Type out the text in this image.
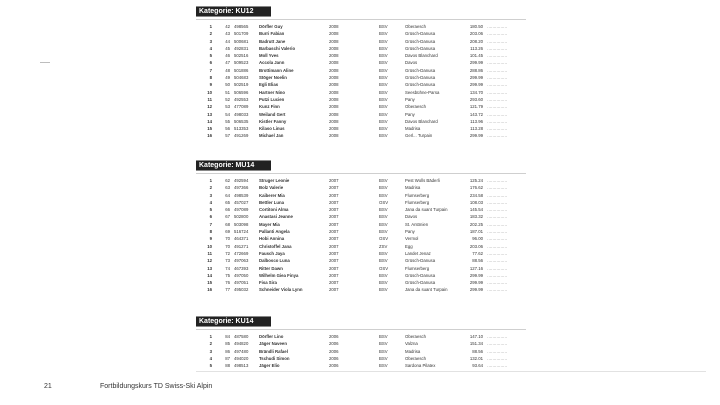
Kategorie: KU12
1	42 498565	Dörfler Guy	2008	BSV	Oberaesch	180.50 ……………
2	43 501709	Burri Fabian	2008	BSV	Grüsch-Danusa	203.06 ……………
3	44 500681	Badrutt Jane	2008	BSV	Grüsch-Danusa	208.20 ……………
4	45 492831	Barbaschi Valerio	2008	BSV	Grüsch-Danusa	113.26 ……………
5	46 502516	Moll Yves	2008	BSV	Davos Blanchard	101.45 ……………
6	47 509523	Accola Jann	2008	BSV	Davos	299.99 ……………
7	48 501886	Brottimann Aline	2008	BSV	Grüsch-Danusa	288.86 ……………
8	49 504683	Stöger Noelin	2008	BSV	Grüsch-Danusa	299.99 ……………
9	50 502519	Egli Elias	2008	BSV	Grüsch-Danusa	299.99 ……………
10	51 506596	Hartner Nino	2008	BSV	Seesbühne-Parsa	134.70 ……………
11	52 492553	Putzi Lucien	2008	BSV	Pany	293.60 ……………
12	53 477089	Kunz Finn	2008	BSV	Oberaesch	121.79 ……………
13	54 498033	Weiland Gert	2008	BSV	Pany	143.72 ……………
14	55 506535	Kistler Fanny	2008	BSV	Davos Blanchard	113.96 ……………
15	56 513353	Kilaso Linus	2008	BSV	Madrisa	113.28 ……………
16	57 491269	Michael Jan	2008	BSV	Gerl... Turpain	299.99 ……………
Kategorie: MU14
1	62 492594	Struger Leonie	2007	BSV	Pest Wolls Bäderli	125.24 ……………
2	63 497366	Bolz Valerie	2007	BSV	Madrisa	176.62 ……………
3	64 498539	Kaiberer Mia	2007	BSV	Flumserberg	234.58 ……………
4	65 457027	Bettler Luna	2007	OSV	Flumserberg	108.03 ……………
5	66 497089	Cortitoni Alma	2007	BSV	Jana da suant Turpain	145.54 ……………
6	67 502800	Anastasi Jeanne	2007	BSV	Davos	183.32 ……………
7	68 503098	Mayer Mia	2007	BSV	St. Antönien	202.25 ……………
8	69 516724	Pallanti Angela	2007	BSV	Pany	187.01 ……………
9	70 464371	Hobi Annina	2007	OSV	Vermol	96.00 ……………
10	70 491271	Christoffel Jana	2007	ZSV	Egg	203.06 ……………
11	72 472669	Fausch Jaya	2007	BSV	Landet Jenaz	77.62 ……………
12	73 497063	Dalbosco Luna	2007	BSV	Grüsch-Danusa	88.56 ……………
13	74 467393	Ritter Dawn	2007	OSV	Flumserberg	127.16 ……………
14	75 497050	Wilhelm Giea Finya	2007	BSV	Grüsch-Danusa	299.99 ……………
15	76 497051	Fisa Sira	2007	BSV	Grüsch-Danusa	299.99 ……………
16	77 495032	Schneider Viola Lynn	2007	BSV	Jana da suant Turpain	299.99 ……………
Kategorie: KU14
1	84 487580	Dörfler Lino	2006	BSV	Oberaesch	147.10 ……………
2	85 494820	Jäger Naveen	2006	BSV	Valzna	151.34 ……………
3	86 497480	Brändli Rafael	2006	BSV	Madrisa	88.56 ……………
4	87 494020	Tschudi Simon	2006	BSV	Oberaesch	132.01 ……………
5	88 498513	Jäger Elio	2006	BSV	Sardona Pilatex	93.64 ……………
21	Fortbildungskurs TD Swiss-Ski Alpin
